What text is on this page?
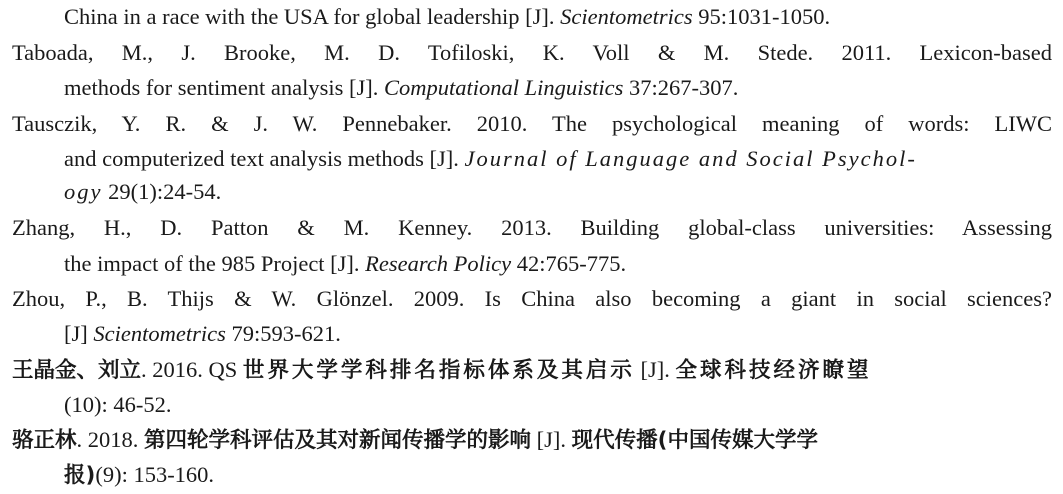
China in a race with the USA for global leadership [J]. Scientometrics 95:1031-1050.
Taboada, M., J. Brooke, M. D. Tofiloski, K. Voll & M. Stede. 2011. Lexicon-based
methods for sentiment analysis [J]. Computational Linguistics 37:267-307.
Tausczik, Y. R. & J. W. Pennebaker. 2010. The psychological meaning of words: LIWC
and computerized text analysis methods [J]. Journal of Language and Social Psychol-
ogy 29(1):24-54.
Zhang, H., D. Patton & M. Kenney. 2013. Building global-class universities: Assessing
the impact of the 985 Project [J]. Research Policy 42:765-775.
Zhou, P., B. Thijs & W. Glönzel. 2009. Is China also becoming a giant in social sciences?
[J] Scientometrics 79:593-621.
王晶金、刘立. 2016. QS 世界大学学科排名指标体系及其启示 [J]. 全球科技经济瞭望
(10): 46-52.
骆正林. 2018. 第四轮学科评估及其对新闻传播学的影响 [J]. 现代传播(中国传媒大学学
报)(9): 153-160.
